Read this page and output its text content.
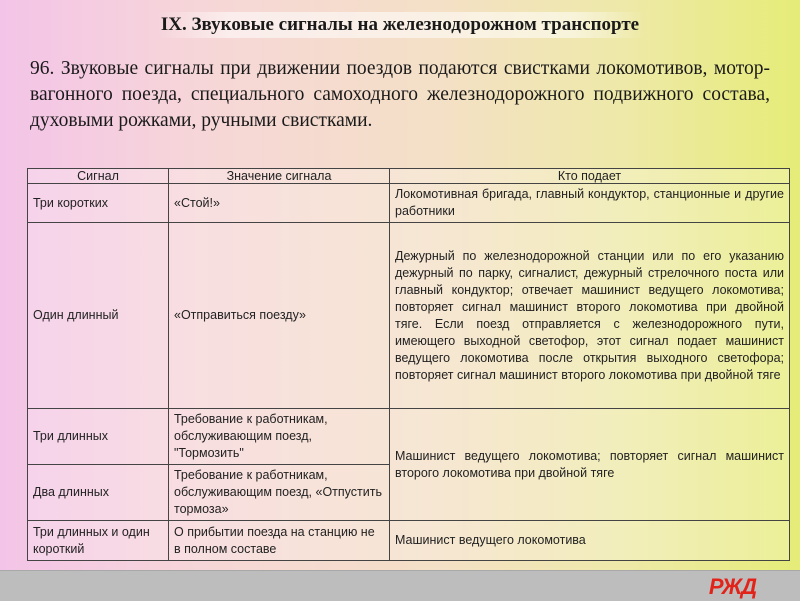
IX. Звуковые сигналы на железнодорожном транспорте
96. Звуковые сигналы при движении поездов подаются свистками локомотивов, мотор-вагонного поезда, специального самоходного железнодорожного подвижного состава, духовыми рожками, ручными свистками.
Сигнал	Значение сигнала	Кто подает
Три коротких	«Стой!»	Локомотивная бригада, главный кондуктор, станционные и другие работники
Один длинный	«Отправиться поезду»	Дежурный по железнодорожной станции или по его указанию дежурный по парку, сигналист, дежурный стрелочного поста или главный кондуктор; отвечает машинист ведущего локомотива; повторяет сигнал машинист второго локомотива при двойной тяге. Если поезд отправляется с железнодорожного пути, имеющего выходной светофор, этот сигнал подает машинист ведущего локомотива после открытия выходного светофора; повторяет сигнал машинист второго локомотива при двойной тяге
Три длинных	Требование к работникам, обслуживающим поезд, "Тормозить"	Машинист ведущего локомотива; повторяет сигнал машинист второго локомотива при двойной тяге
Два длинных	Требование к работникам, обслуживающим поезд, «Отпустить тормоза»	
Три длинных и один короткий	О прибытии поезда на станцию не в полном составе	Машинист ведущего локомотива
РЖД
